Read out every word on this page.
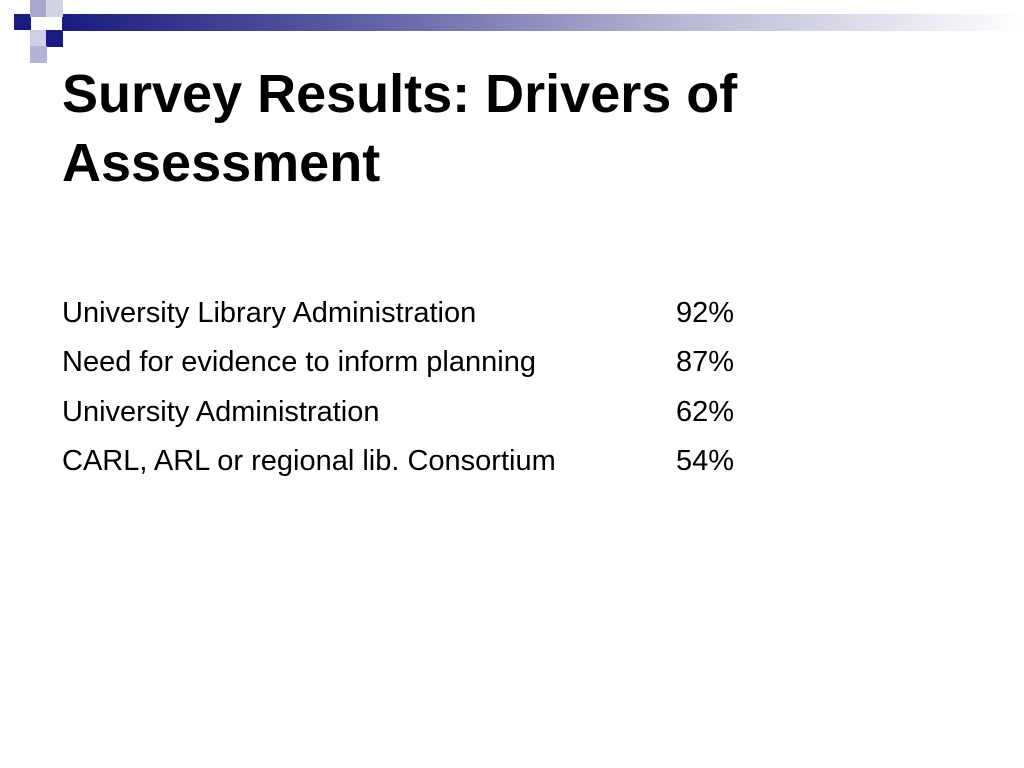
Survey Results: Drivers of Assessment
University Library Administration	92%
Need for evidence to inform planning	87%
University Administration	62%
CARL, ARL or regional lib. Consortium	54%
